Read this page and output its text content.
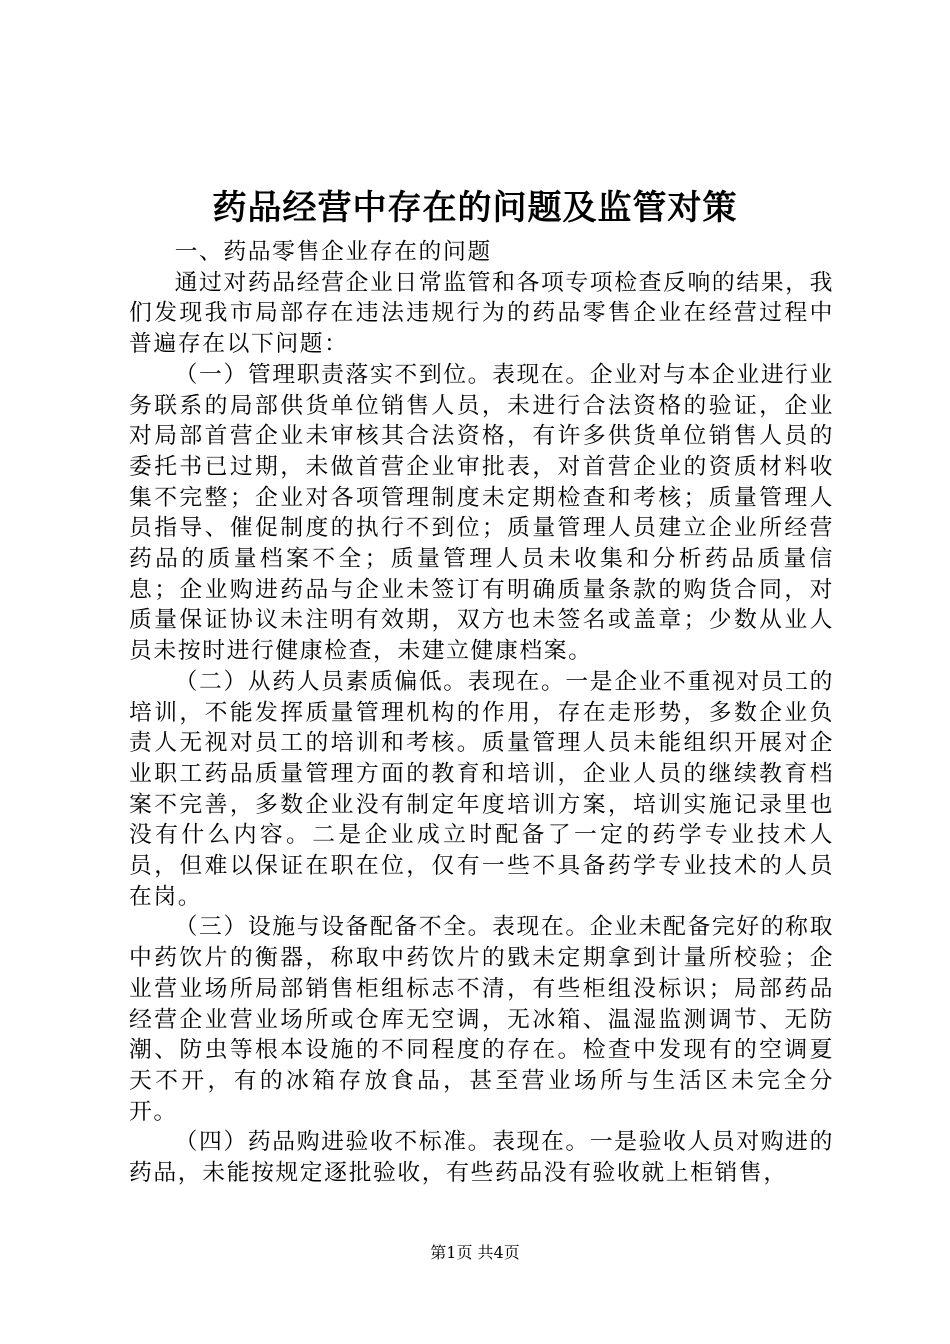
药品经营中存在的问题及监管对策

一、药品零售企业存在的问题

通过对药品经营企业日常监管和各项专项检查反响的结果，我们发现我市局部存在违法违规行为的药品零售企业在经营过程中普遍存在以下问题：

（一）管理职责落实不到位。表现在。企业对与本企业进行业务联系的局部供货单位销售人员，未进行合法资格的验证，企业对局部首营企业未审核其合法资格，有许多供货单位销售人员的委托书已过期，未做首营企业审批表，对首营企业的资质材料收集不完整；企业对各项管理制度未定期检查和考核；质量管理人员指导、催促制度的执行不到位；质量管理人员建立企业所经营药品的质量档案不全；质量管理人员未收集和分析药品质量信息；企业购进药品与企业未签订有明确质量条款的购货合同，对质量保证协议未注明有效期，双方也未签名或盖章；少数从业人员未按时进行健康检查，未建立健康档案。

（二）从药人员素质偏低。表现在。一是企业不重视对员工的培训，不能发挥质量管理机构的作用，存在走形势，多数企业负责人无视对员工的培训和考核。质量管理人员未能组织开展对企业职工药品质量管理方面的教育和培训，企业人员的继续教育档案不完善，多数企业没有制定年度培训方案，培训实施记录里也没有什么内容。二是企业成立时配备了一定的药学专业技术人员，但难以保证在职在位，仅有一些不具备药学专业技术的人员在岗。

（三）设施与设备配备不全。表现在。企业未配备完好的称取中药饮片的衡器，称取中药饮片的戥未定期拿到计量所校验；企业营业场所局部销售柜组标志不清，有些柜组没标识；局部药品经营企业营业场所或仓库无空调，无冰箱、温湿监测调节、无防潮、防虫等根本设施的不同程度的存在。检查中发现有的空调夏天不开，有的冰箱存放食品，甚至营业场所与生活区未完全分开。

（四）药品购进验收不标准。表现在。一是验收人员对购进的药品，未能按规定逐批验收，有些药品没有验收就上柜销售，

第1页 共4页
